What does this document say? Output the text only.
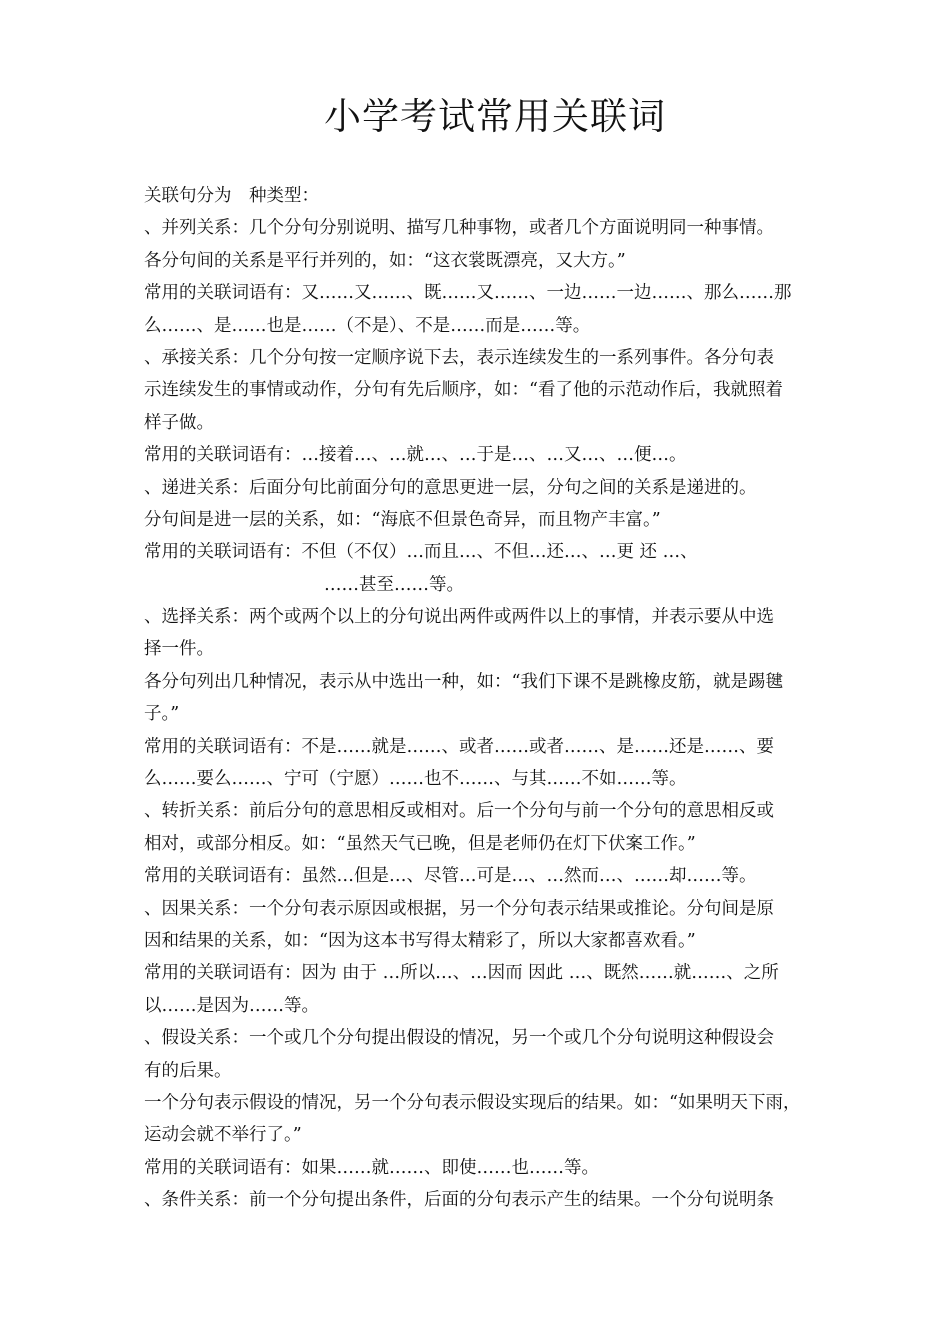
小学考试常用关联词
关联句分为　种类型：
、并列关系：几个分句分别说明、描写几种事物，或者几个方面说明同一种事情。
各分句间的关系是平行并列的，如：“这衣裳既漂亮，又大方。”
常用的关联词语有：又……又……、既……又……、一边……一边……、那么……那
么……、是……也是……（不是）、不是……而是……等。
、承接关系：几个分句按一定顺序说下去，表示连续发生的一系列事件。各分句表
示连续发生的事情或动作，分句有先后顺序，如：“看了他的示范动作后，我就照着
样子做。
常用的关联词语有：…接着…、…就…、…于是…、…又…、…便…。
、递进关系：后面分句比前面分句的意思更进一层，分句之间的关系是递进的。
分句间是进一层的关系，如：“海底不但景色奇异，而且物产丰富。”
常用的关联词语有：不但（不仅）…而且…、不但…还…、…更 还 …、
……甚至……等。
、选择关系：两个或两个以上的分句说出两件或两件以上的事情，并表示要从中选
择一件。
各分句列出几种情况，表示从中选出一种，如：“我们下课不是跳橡皮筋，就是踢毽
子。”
常用的关联词语有：不是……就是……、或者……或者……、是……还是……、要
么……要么……、宁可（宁愿）……也不……、与其……不如……等。
、转折关系：前后分句的意思相反或相对。后一个分句与前一个分句的意思相反或
相对，或部分相反。如：“虽然天气已晚，但是老师仍在灯下伏案工作。”
常用的关联词语有：虽然…但是…、尽管…可是…、…然而…、……却……等。
、因果关系：一个分句表示原因或根据，另一个分句表示结果或推论。分句间是原
因和结果的关系，如：“因为这本书写得太精彩了，所以大家都喜欢看。”
常用的关联词语有：因为 由于 …所以…、…因而 因此 …、既然……就……、之所
以……是因为……等。
、假设关系：一个或几个分句提出假设的情况，另一个或几个分句说明这种假设会
有的后果。
一个分句表示假设的情况，另一个分句表示假设实现后的结果。如：“如果明天下雨，
运动会就不举行了。”
常用的关联词语有：如果……就……、即使……也……等。
、条件关系：前一个分句提出条件，后面的分句表示产生的结果。一个分句说明条
